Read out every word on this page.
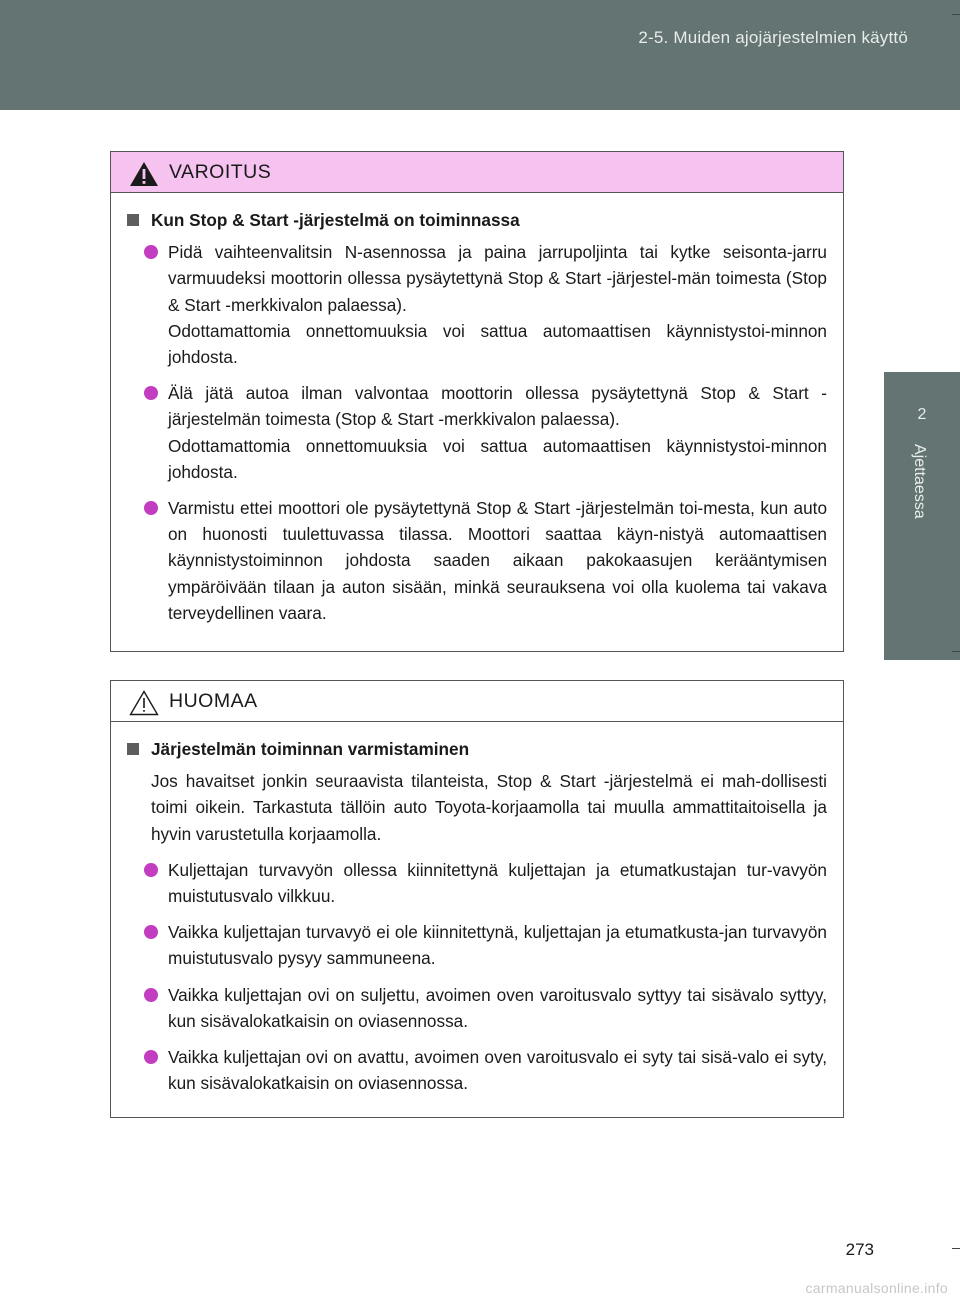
2-5. Muiden ajojärjestelmien käyttö
2
Ajettaessa
VAROITUS
Kun Stop & Start -järjestelmä on toiminnassa

Pidä vaihteenvalitsin N-asennossa ja paina jarrupoljinta tai kytke seisonta-jarru varmuudeksi moottorin ollessa pysäytettynä Stop & Start -järjestel-män toimesta (Stop & Start -merkkivalon palaessa).

Odottamattomia onnettomuuksia voi sattua automaattisen käynnistystoi-minnon johdosta.

Älä jätä autoa ilman valvontaa moottorin ollessa pysäytettynä Stop & Start -järjestelmän toimesta (Stop & Start -merkkivalon palaessa).

Odottamattomia onnettomuuksia voi sattua automaattisen käynnistystoi-minnon johdosta.

Varmistu ettei moottori ole pysäytettynä Stop & Start -järjestelmän toi-mesta, kun auto on huonosti tuulettuvassa tilassa. Moottori saattaa käyn-nistyä automaattisen käynnistystoiminnon johdosta saaden aikaan pakokaasujen kerääntymisen ympäröivään tilaan ja auton sisään, minkä seurauksena voi olla kuolema tai vakava terveydellinen vaara.

HUOMAA
Järjestelmän toiminnan varmistaminen

Jos havaitset jonkin seuraavista tilanteista, Stop & Start -järjestelmä ei mah-dollisesti toimi oikein. Tarkastuta tällöin auto Toyota-korjaamolla tai muulla ammattitaitoisella ja hyvin varustetulla korjaamolla.

Kuljettajan turvavyön ollessa kiinnitettynä kuljettajan ja etumatkustajan tur-vavyön muistutusvalo vilkkuu.

Vaikka kuljettajan turvavyö ei ole kiinnitettynä, kuljettajan ja etumatkusta-jan turvavyön muistutusvalo pysyy sammuneena.

Vaikka kuljettajan ovi on suljettu, avoimen oven varoitusvalo syttyy tai sisävalo syttyy, kun sisävalokatkaisin on oviasennossa.

Vaikka kuljettajan ovi on avattu, avoimen oven varoitusvalo ei syty tai sisä-valo ei syty, kun sisävalokatkaisin on oviasennossa.

273
carmanualsonline.info
